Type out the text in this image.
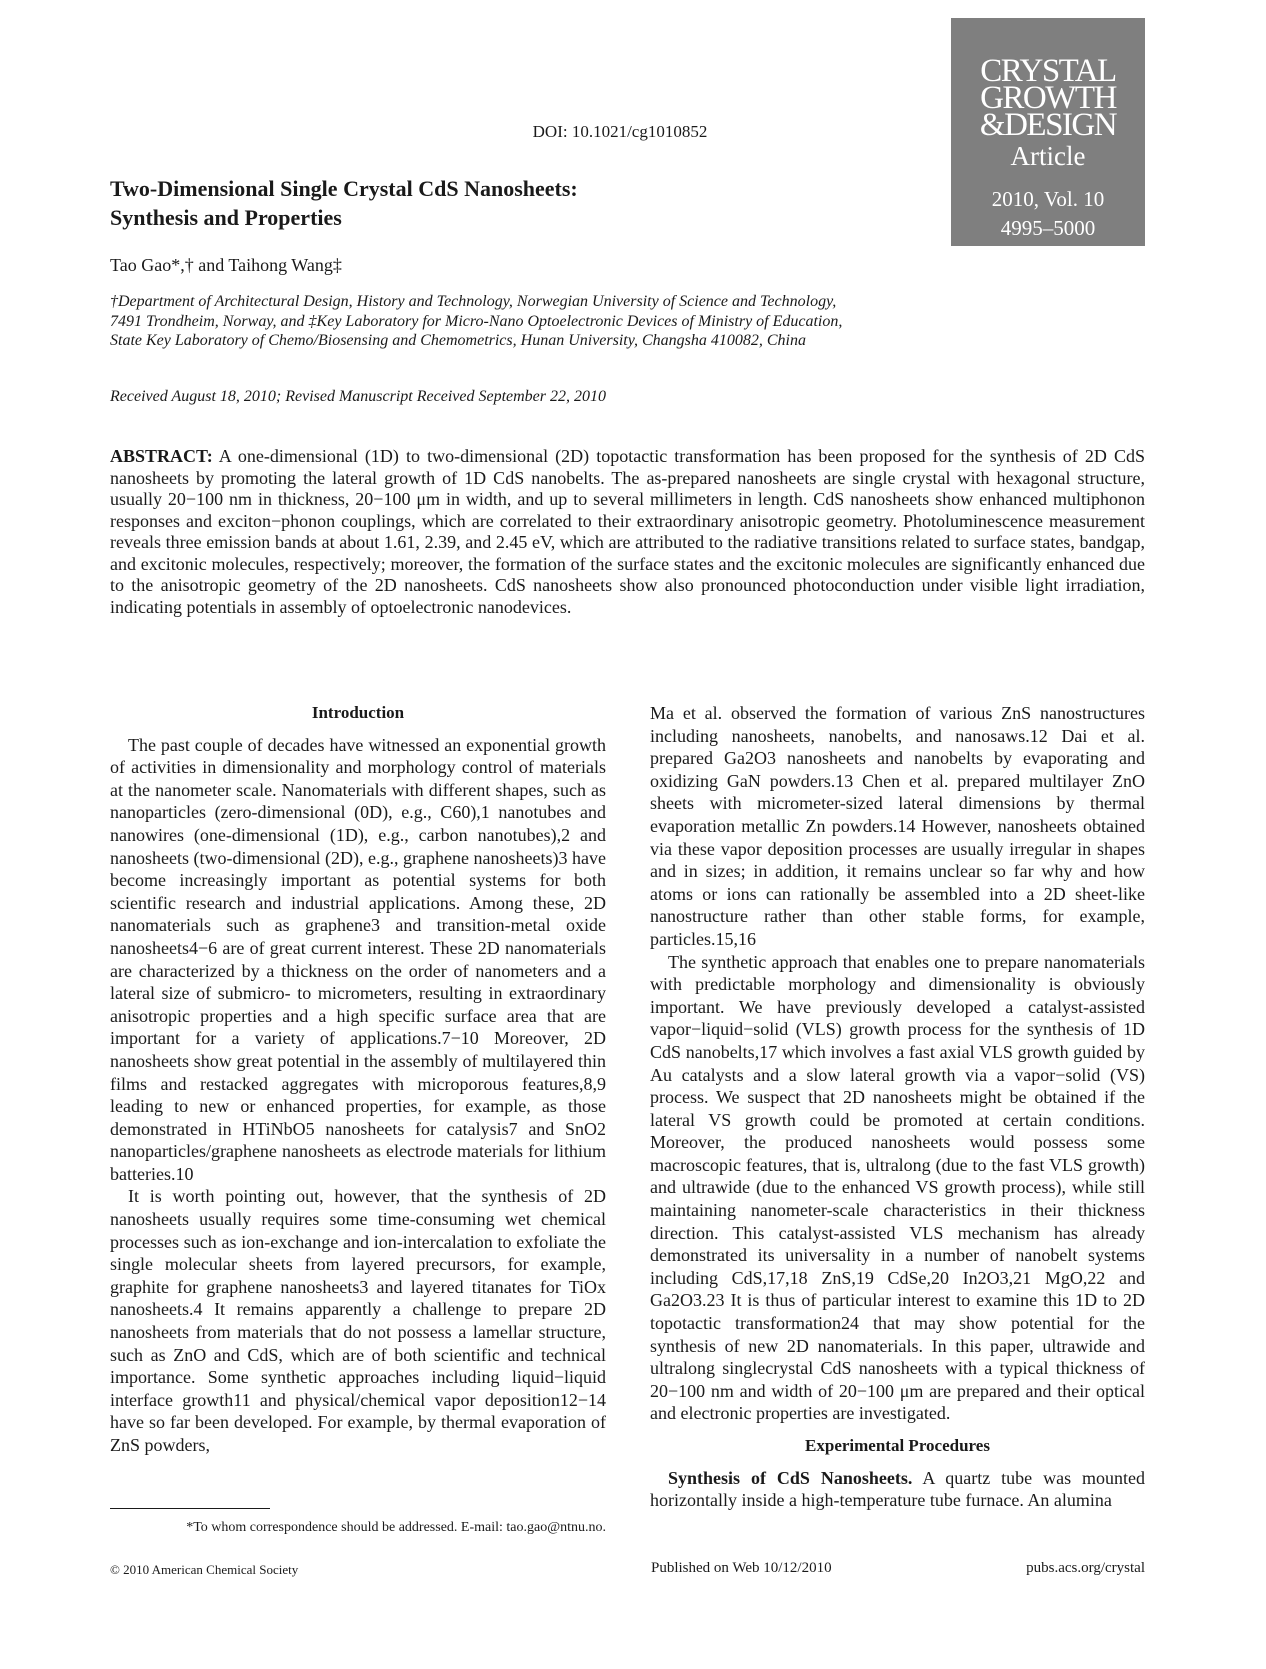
CRYSTAL
GROWTH
&DESIGN
Article
2010, Vol. 10
4995–5000
DOI: 10.1021/cg1010852
Two-Dimensional Single Crystal CdS Nanosheets:
Synthesis and Properties
Tao Gao*,† and Taihong Wang‡
†Department of Architectural Design, History and Technology, Norwegian University of Science and Technology, 7491 Trondheim, Norway, and ‡Key Laboratory for Micro-Nano Optoelectronic Devices of Ministry of Education, State Key Laboratory of Chemo/Biosensing and Chemometrics, Hunan University, Changsha 410082, China
Received August 18, 2010; Revised Manuscript Received September 22, 2010
ABSTRACT: A one-dimensional (1D) to two-dimensional (2D) topotactic transformation has been proposed for the synthesis of 2D CdS nanosheets by promoting the lateral growth of 1D CdS nanobelts. The as-prepared nanosheets are single crystal with hexagonal structure, usually 20−100 nm in thickness, 20−100 μm in width, and up to several millimeters in length. CdS nanosheets show enhanced multiphonon responses and exciton−phonon couplings, which are correlated to their extraordinary anisotropic geometry. Photoluminescence measurement reveals three emission bands at about 1.61, 2.39, and 2.45 eV, which are attributed to the radiative transitions related to surface states, bandgap, and excitonic molecules, respectively; moreover, the formation of the surface states and the excitonic molecules are significantly enhanced due to the anisotropic geometry of the 2D nanosheets. CdS nanosheets show also pronounced photoconduction under visible light irradiation, indicating potentials in assembly of optoelectronic nanodevices.
Introduction

The past couple of decades have witnessed an exponential growth of activities in dimensionality and morphology control of materials at the nanometer scale. Nanomaterials with different shapes, such as nanoparticles (zero-dimensional (0D), e.g., C60),1 nanotubes and nanowires (one-dimensional (1D), e.g., carbon nanotubes),2 and nanosheets (two-dimensional (2D), e.g., graphene nanosheets)3 have become increasingly important as potential systems for both scientific research and industrial applications. Among these, 2D nanomaterials such as graphene3 and transition-metal oxide nanosheets4−6 are of great current interest. These 2D nanomaterials are characterized by a thickness on the order of nanometers and a lateral size of submicro- to micrometers, resulting in extraordinary anisotropic properties and a high specific surface area that are important for a variety of applications.7−10 Moreover, 2D nanosheets show great potential in the assembly of multilayered thin films and restacked aggregates with microporous features,8,9 leading to new or enhanced properties, for example, as those demonstrated in HTiNbO5 nanosheets for catalysis7 and SnO2 nanoparticles/graphene nanosheets as electrode materials for lithium batteries.10

It is worth pointing out, however, that the synthesis of 2D nanosheets usually requires some time-consuming wet chemical processes such as ion-exchange and ion-intercalation to exfoliate the single molecular sheets from layered precursors, for example, graphite for graphene nanosheets3 and layered titanates for TiOx nanosheets.4 It remains apparently a challenge to prepare 2D nanosheets from materials that do not possess a lamellar structure, such as ZnO and CdS, which are of both scientific and technical importance. Some synthetic approaches including liquid−liquid interface growth11 and physical/chemical vapor deposition12−14 have so far been developed. For example, by thermal evaporation of ZnS powders,

Ma et al. observed the formation of various ZnS nanostructures including nanosheets, nanobelts, and nanosaws.12 Dai et al. prepared Ga2O3 nanosheets and nanobelts by evaporating and oxidizing GaN powders.13 Chen et al. prepared multilayer ZnO sheets with micrometer-sized lateral dimensions by thermal evaporation metallic Zn powders.14 However, nanosheets obtained via these vapor deposition processes are usually irregular in shapes and in sizes; in addition, it remains unclear so far why and how atoms or ions can rationally be assembled into a 2D sheet-like nanostructure rather than other stable forms, for example, particles.15,16

The synthetic approach that enables one to prepare nanomaterials with predictable morphology and dimensionality is obviously important. We have previously developed a catalyst-assisted vapor−liquid−solid (VLS) growth process for the synthesis of 1D CdS nanobelts,17 which involves a fast axial VLS growth guided by Au catalysts and a slow lateral growth via a vapor−solid (VS) process. We suspect that 2D nanosheets might be obtained if the lateral VS growth could be promoted at certain conditions. Moreover, the produced nanosheets would possess some macroscopic features, that is, ultralong (due to the fast VLS growth) and ultrawide (due to the enhanced VS growth process), while still maintaining nanometer-scale characteristics in their thickness direction. This catalyst-assisted VLS mechanism has already demonstrated its universality in a number of nanobelt systems including CdS,17,18 ZnS,19 CdSe,20 In2O3,21 MgO,22 and Ga2O3.23 It is thus of particular interest to examine this 1D to 2D topotactic transformation24 that may show potential for the synthesis of new 2D nanomaterials. In this paper, ultrawide and ultralong singlecrystal CdS nanosheets with a typical thickness of 20−100 nm and width of 20−100 μm are prepared and their optical and electronic properties are investigated.

Experimental Procedures

Synthesis of CdS Nanosheets. A quartz tube was mounted horizontally inside a high-temperature tube furnace. An alumina

*To whom correspondence should be addressed. E-mail: tao.gao@ntnu.no.
© 2010 American Chemical Society	Published on Web 10/12/2010	pubs.acs.org/crystal
